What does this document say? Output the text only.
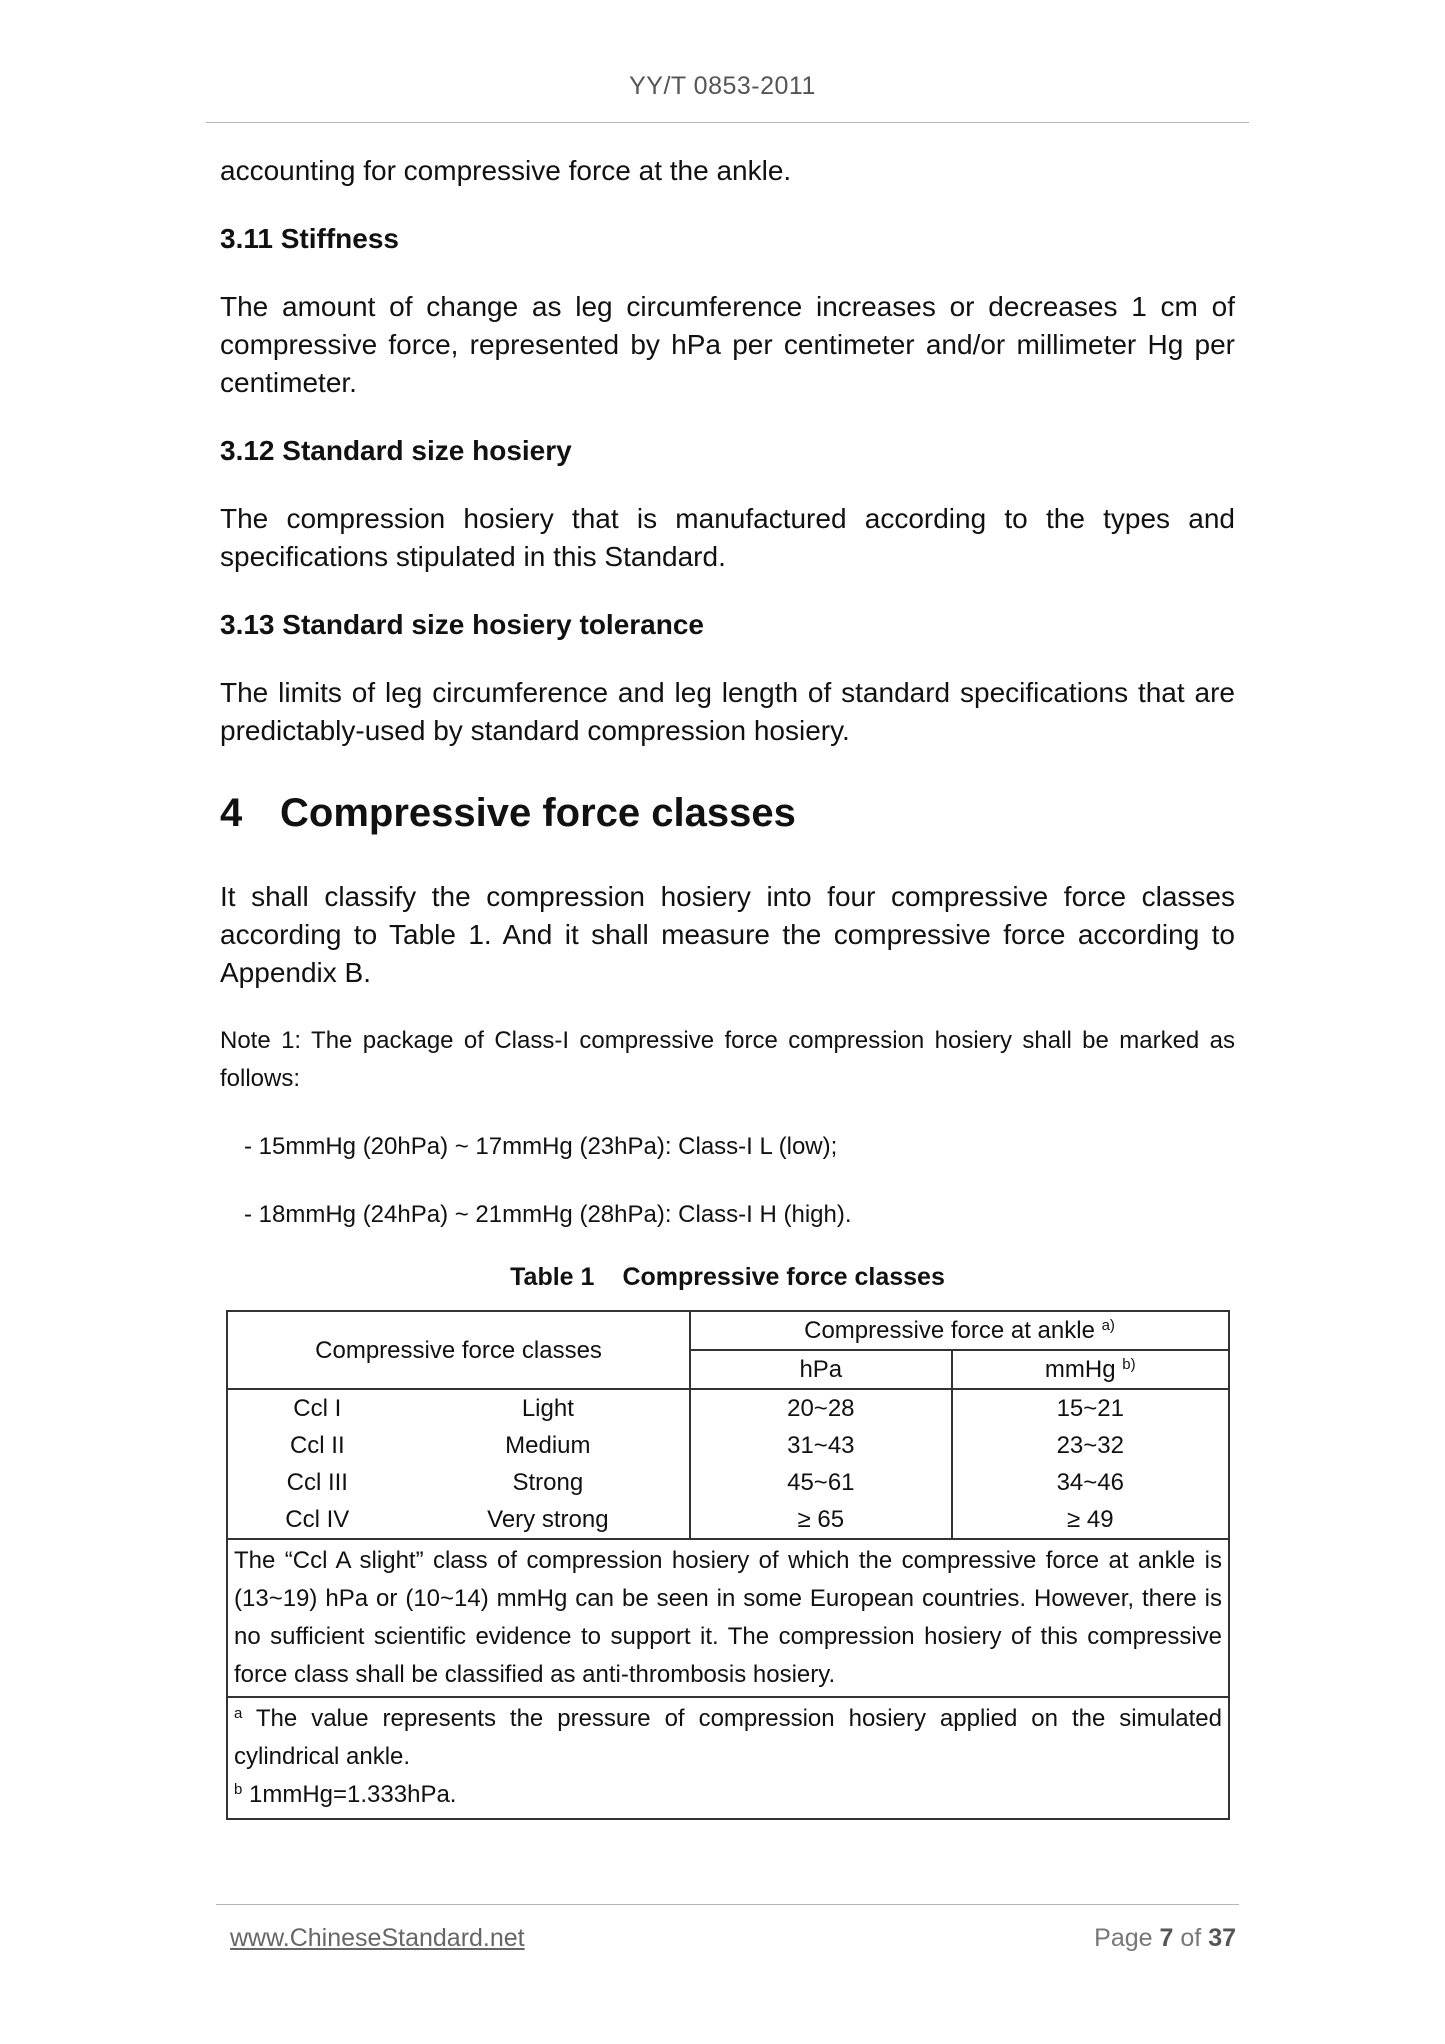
YY/T 0853-2011

accounting for compressive force at the ankle.

3.11 Stiffness

The amount of change as leg circumference increases or decreases 1 cm of compressive force, represented by hPa per centimeter and/or millimeter Hg per centimeter.

3.12 Standard size hosiery

The compression hosiery that is manufactured according to the types and specifications stipulated in this Standard.

3.13 Standard size hosiery tolerance

The limits of leg circumference and leg length of standard specifications that are predictably-used by standard compression hosiery.

4 Compressive force classes

It shall classify the compression hosiery into four compressive force classes according to Table 1. And it shall measure the compressive force according to Appendix B.

Note 1: The package of Class-I compressive force compression hosiery shall be marked as follows:

- 15mmHg (20hPa) ~ 17mmHg (23hPa): Class-I L (low);

- 18mmHg (24hPa) ~ 21mmHg (28hPa): Class-I H (high).

Table 1 Compressive force classes
Compressive force classes		Compressive force at ankle $^{a)}$
		hPa	mmHg $^{b)}$
Ccl I	Light	20~28	15~21
Ccl II	Medium	31~43	23~32
Ccl III	Strong	45~61	34~46
Ccl IV	Very strong	≥ 65	≥ 49
The “Ccl A slight” class of compression hosiery of which the compressive force at ankle is (13~19) hPa or (10~14) mmHg can be seen in some European countries. However, there is no sufficient scientific evidence to support it. The compression hosiery of this compressive force class shall be classified as anti-thrombosis hosiery.			

$^a$ The value represents the pressure of compression hosiery applied on the simulated cylindrical ankle.
$^b$ 1mmHg=1.333hPa.			
www.ChineseStandard.net	Page 7 of 37
